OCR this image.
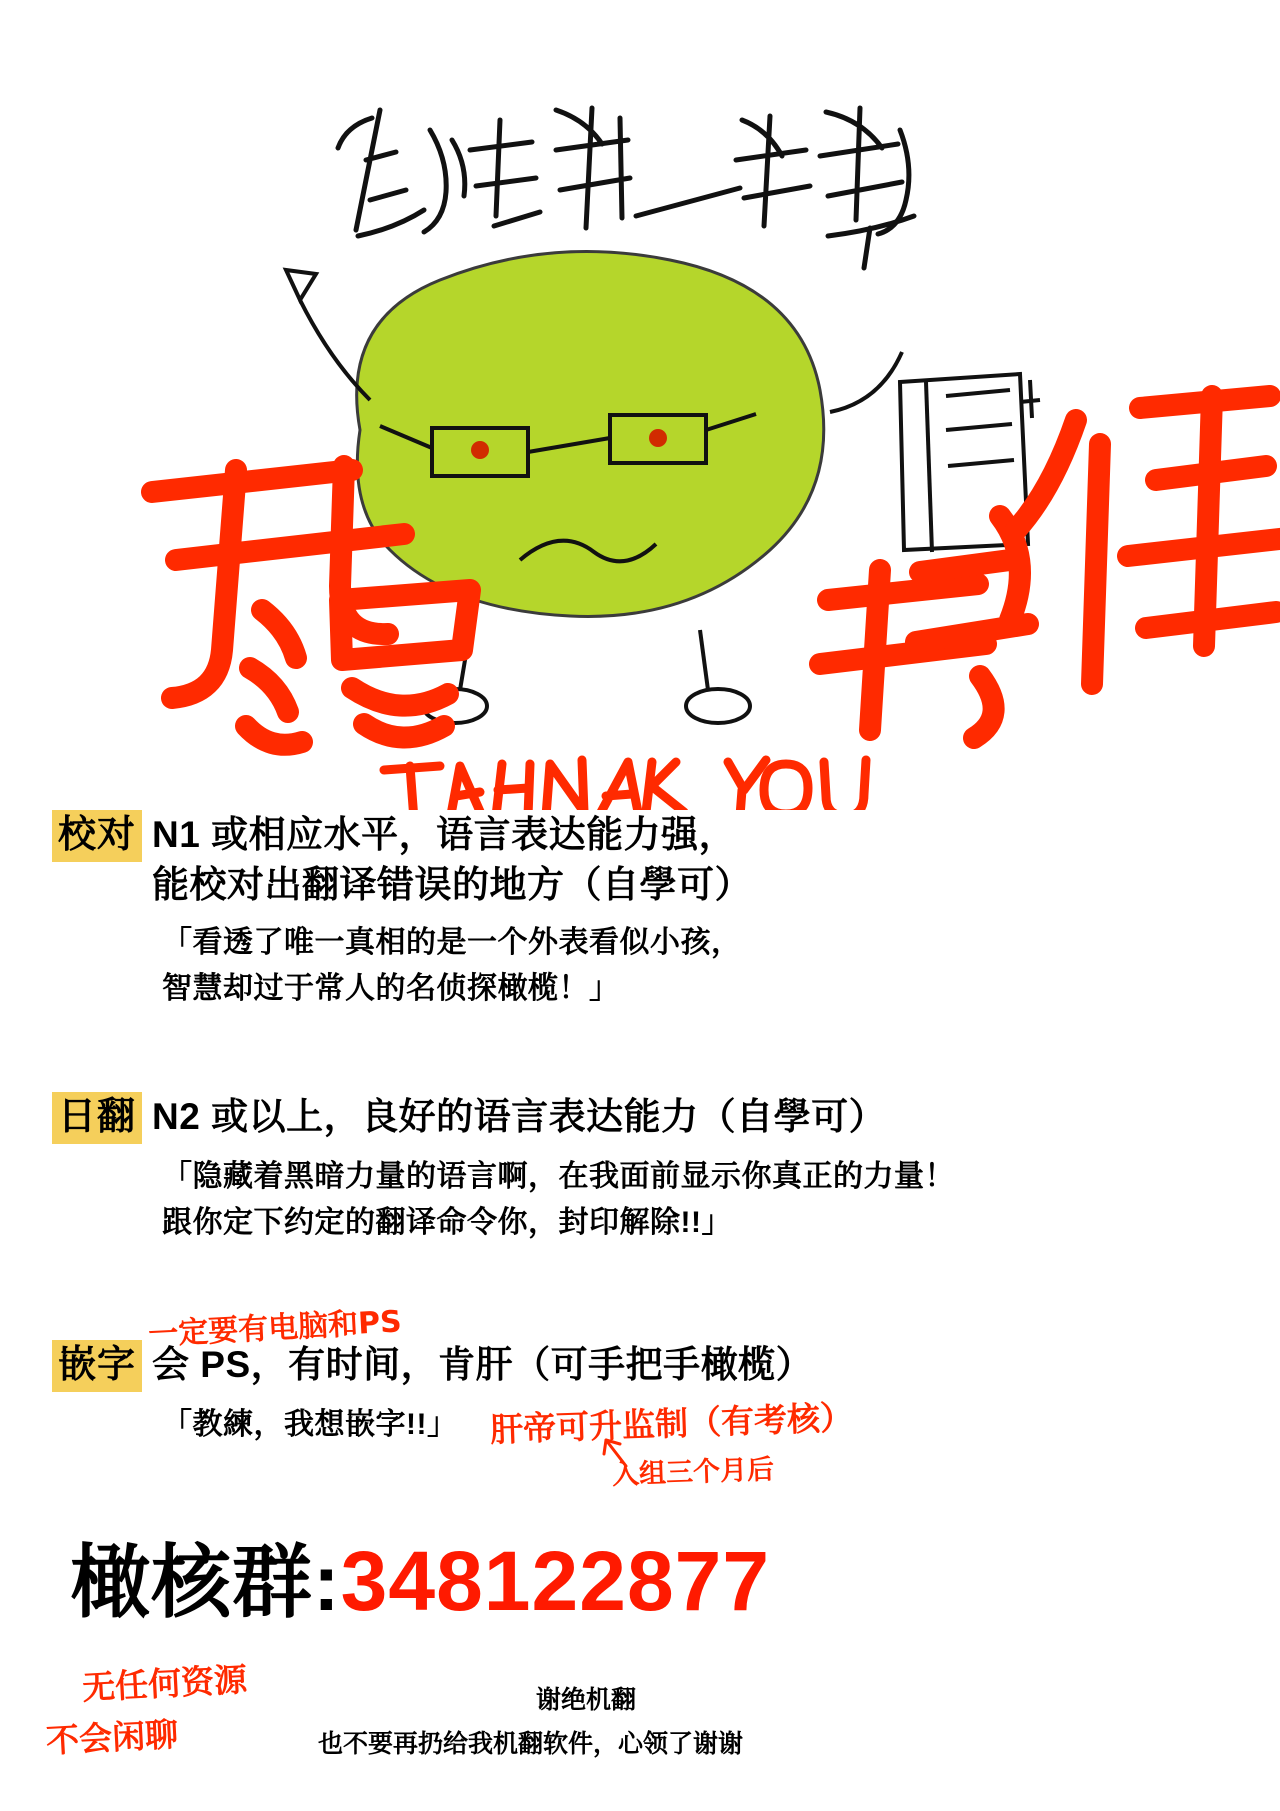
校对 N1 或相应水平，语言表达能力强，
能校对出翻译错误的地方（自學可）
「看透了唯一真相的是一个外表看似小孩，
智慧却过于常人的名侦探橄榄！」
日翻 N2 或以上，良好的语言表达能力（自學可）
「隐藏着黑暗力量的语言啊，在我面前显示你真正的力量！
跟你定下约定的翻译命令你，封印解除!!」
嵌字 会 PS，有时间，肯肝（可手把手橄榄）
「教練，我想嵌字!!」
一定要有电脑和PS
肝帝可升监制（有考核）
入组三个月后
橄核群: 348122877
谢绝机翻
也不要再扔给我机翻软件，心领了谢谢
无任何资源
不会闲聊
